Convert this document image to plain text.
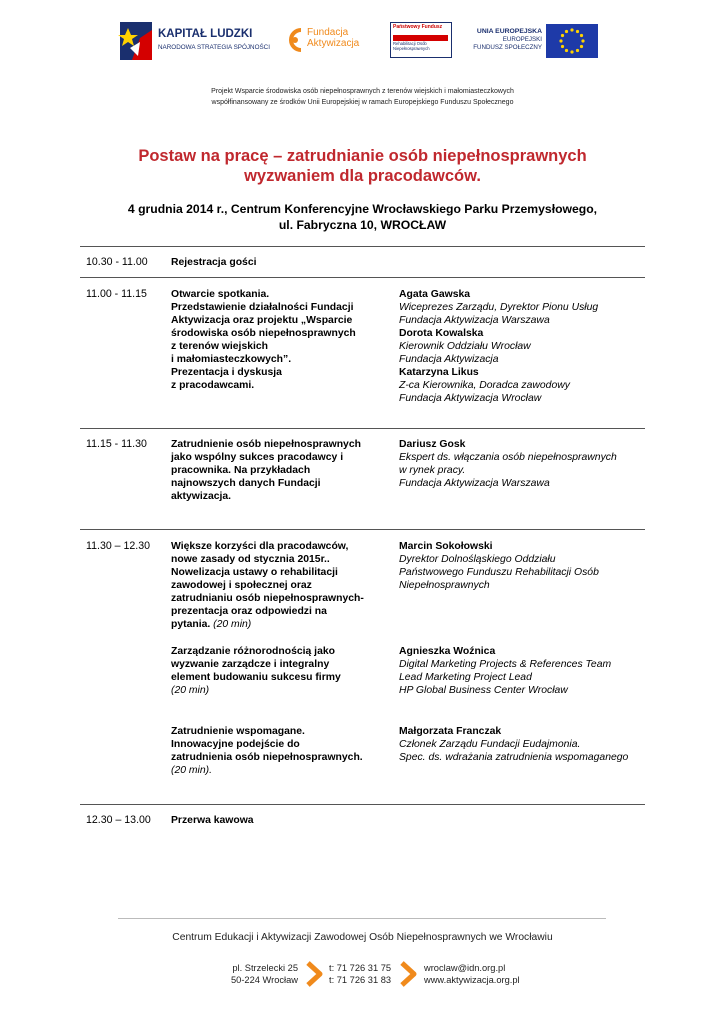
KAPITAŁ LUDZKI
NARODOWA STRATEGIA SPÓJNOŚCI
Fundacja
Aktywizacja
Państwowy Fundusz
Rehabilitacji Osób Niepełnosprawnych
UNIA EUROPEJSKA
EUROPEJSKI
FUNDUSZ SPOŁECZNY
Projekt Wsparcie środowiska osób niepełnosprawnych z terenów wiejskich i małomiasteczkowych
współfinansowany ze środków Unii Europejskiej w ramach Europejskiego Funduszu Społecznego
Postaw na pracę – zatrudnianie osób niepełnosprawnych
wyzwaniem dla pracodawców.
4 grudnia 2014 r., Centrum Konferencyjne Wrocławskiego Parku Przemysłowego,
ul. Fabryczna 10, WROCŁAW
10.30 - 11.00 Rejestracja gości
11.00 - 11.15 Otwarcie spotkania.
Przedstawienie działalności Fundacji
Aktywizacja oraz projektu „Wsparcie
środowiska osób niepełnosprawnych
z terenów wiejskich
i małomiasteczkowych”.
Prezentacja i dyskusja
z pracodawcami.
Agata Gawska
Wiceprezes Zarządu, Dyrektor Pionu Usług
Fundacja Aktywizacja Warszawa
Dorota Kowalska
Kierownik Oddziału Wrocław
Fundacja Aktywizacja
Katarzyna Likus
Z-ca Kierownika, Doradca zawodowy
Fundacja Aktywizacja Wrocław
11.15 - 11.30 Zatrudnienie osób niepełnosprawnych
jako wspólny sukces pracodawcy i
pracownika. Na przykładach
najnowszych danych Fundacji
aktywizacja.
Dariusz Gosk
Ekspert ds. włączania osób niepełnosprawnych
w rynek pracy.
Fundacja Aktywizacja Warszawa
11.30 – 12.30 Większe korzyści dla pracodawców,
nowe zasady od stycznia 2015r..
Nowelizacja ustawy o rehabilitacji
zawodowej i społecznej oraz
zatrudnianiu osób niepełnosprawnych-
prezentacja oraz odpowiedzi na
pytania. (20 min)
Marcin Sokołowski
Dyrektor Dolnośląskiego Oddziału
Państwowego Funduszu Rehabilitacji Osób
Niepełnosprawnych
Zarządzanie różnorodnością jako
wyzwanie zarządcze i integralny
element budowaniu sukcesu firmy
(20 min)
Agnieszka Woźnica
Digital Marketing Projects & References Team
Lead Marketing Project Lead
HP Global Business Center Wrocław
Zatrudnienie wspomagane.
Innowacyjne podejście do
zatrudnienia osób niepełnosprawnych.
(20 min).
Małgorzata Franczak
Członek Zarządu Fundacji Eudajmonia.
Spec. ds. wdrażania zatrudnienia wspomaganego
12.30 – 13.00 Przerwa kawowa
Centrum Edukacji i Aktywizacji Zawodowej Osób Niepełnosprawnych we Wrocławiu
pl. Strzelecki 25
50-224 Wrocław
t: 71 726 31 75
t: 71 726 31 83
wroclaw@idn.org.pl
www.aktywizacja.org.pl
